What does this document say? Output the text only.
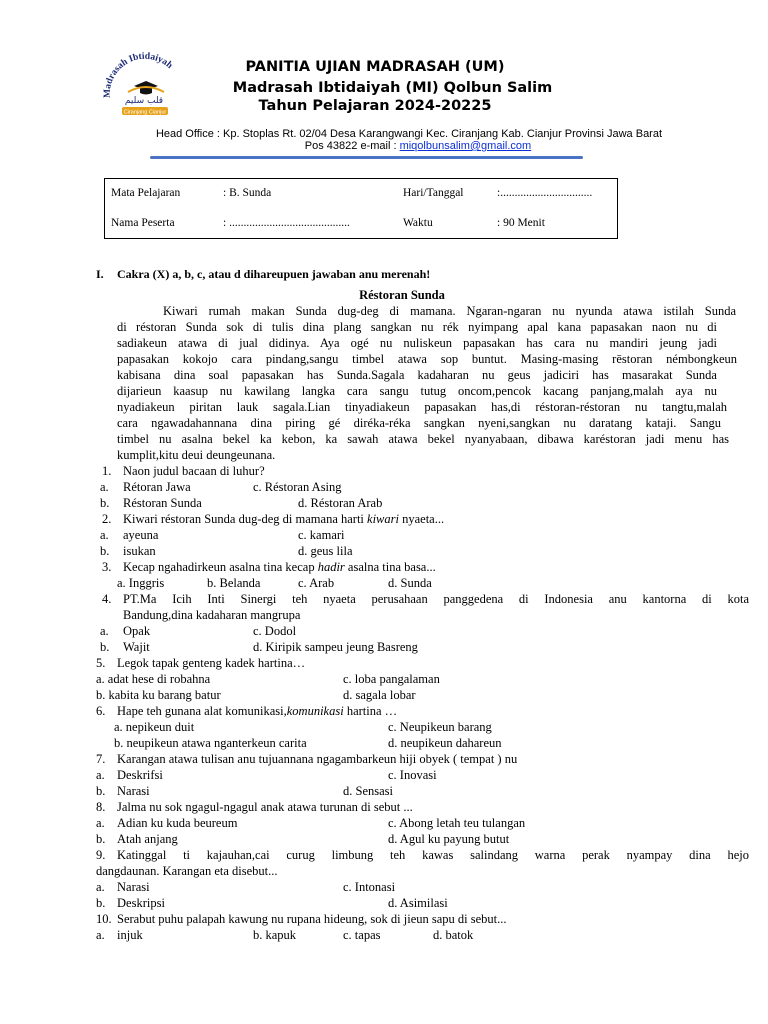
Madrasah Ibtidaiyah
قلب سليم
Ciranjang Cianjur
PANITIA UJIAN MADRASAH (UM)
Madrasah Ibtidaiyah (MI) Qolbun Salim
Tahun Pelajaran 2024-20225
Head Office : Kp. Stoplas Rt. 02/04 Desa Karangwangi Kec. Ciranjang Kab. Cianjur Provinsi Jawa Barat
Pos 43822 e-mail : miqolbunsalim@gmail.com
Mata Pelajaran	: B. Sunda	Hari/Tanggal	:................................
Nama Peserta	: ..........................................	Waktu	: 90 Menit
I. Cakra (X) a, b, c, atau d dihareupuen jawaban anu merenah!
Réstoran Sunda
Kiwari rumah makan Sunda dug-deg di mamana. Ngaran-ngaran nu nyunda atawa istilah Sunda
di réstoran Sunda sok di tulis dina plang sangkan nu rék nyimpang apal kana papasakan naon nu di
sadiakeun atawa di jual didinya. Aya ogé nu nuliskeun papasakan has cara nu mandiri jeung jadi
papasakan kokojo cara pindang,sangu timbel atawa sop buntut. Masing-masing rēstoran némbongkeun
kabisana dina soal papasakan has Sunda.Sagala kadaharan nu geus jadiciri has masarakat Sunda
dijarieun kaasup nu kawilang langka cara sangu tutug oncom,pencok kacang panjang,malah aya nu
nyadiakeun piritan lauk sagala.Lian tinyadiakeun papasakan has,di réstoran-réstoran nu tangtu,malah
cara ngawadahannana dina piring gé diréka-réka sangkan nyeni,sangkan nu daratang kataji. Sangu
timbel nu asalna bekel ka kebon, ka sawah atawa bekel nyanyabaan, dibawa karéstoran jadi menu has
kumplit,kitu deui deungeunana.
1. Naon judul bacaan di luhur?
a. Rétoran Jawa	c. Réstoran Asing
b. Réstoran Sunda	d. Réstoran Arab
2. Kiwari réstoran Sunda dug-deg di mamana harti kiwari nyaeta...
a. ayeuna	c. kamari
b. isukan	d. geus lila
3. Kecap ngahadirkeun asalna tina kecap hadir asalna tina basa...
a. Inggris	b. Belanda	c. Arab	d. Sunda
4. PT.Ma Icih Inti Sinergi teh nyaeta perusahaan panggedena di Indonesia anu kantorna di kota
Bandung,dina kadaharan mangrupa
a. Opak	c. Dodol
b. Wajit	d. Kiripik sampeu jeung Basreng
5. Legok tapak genteng kadek hartina…
a. adat hese di robahna	c. loba pangalaman
b. kabita ku barang batur	d. sagala lobar
6. Hape teh gunana alat komunikasi,komunikasi hartina …
a. nepikeun duit	c. Neupikeun barang
b. neupikeun atawa nganterkeun carita	d. neupikeun dahareun
7. Karangan atawa tulisan anu tujuannana ngagambarkeun hiji obyek ( tempat ) nu
a. Deskrifsi	c. Inovasi
b. Narasi	d. Sensasi
8. Jalma nu sok ngagul-ngagul anak atawa turunan di sebut ...
a. Adian ku kuda beureum	c. Abong letah teu tulangan
b. Atah anjang	d. Agul ku payung butut
9. Katinggal ti kajauhan,cai curug limbung teh kawas salindang warna perak nyampay dina hejo
dangdaunan. Karangan eta disebut...
a. Narasi	c. Intonasi
b. Deskripsi	d. Asimilasi
10. Serabut puhu palapah kawung nu rupana hideung, sok di jieun sapu di sebut...
a. injuk	b. kapuk	c. tapas	d. batok
